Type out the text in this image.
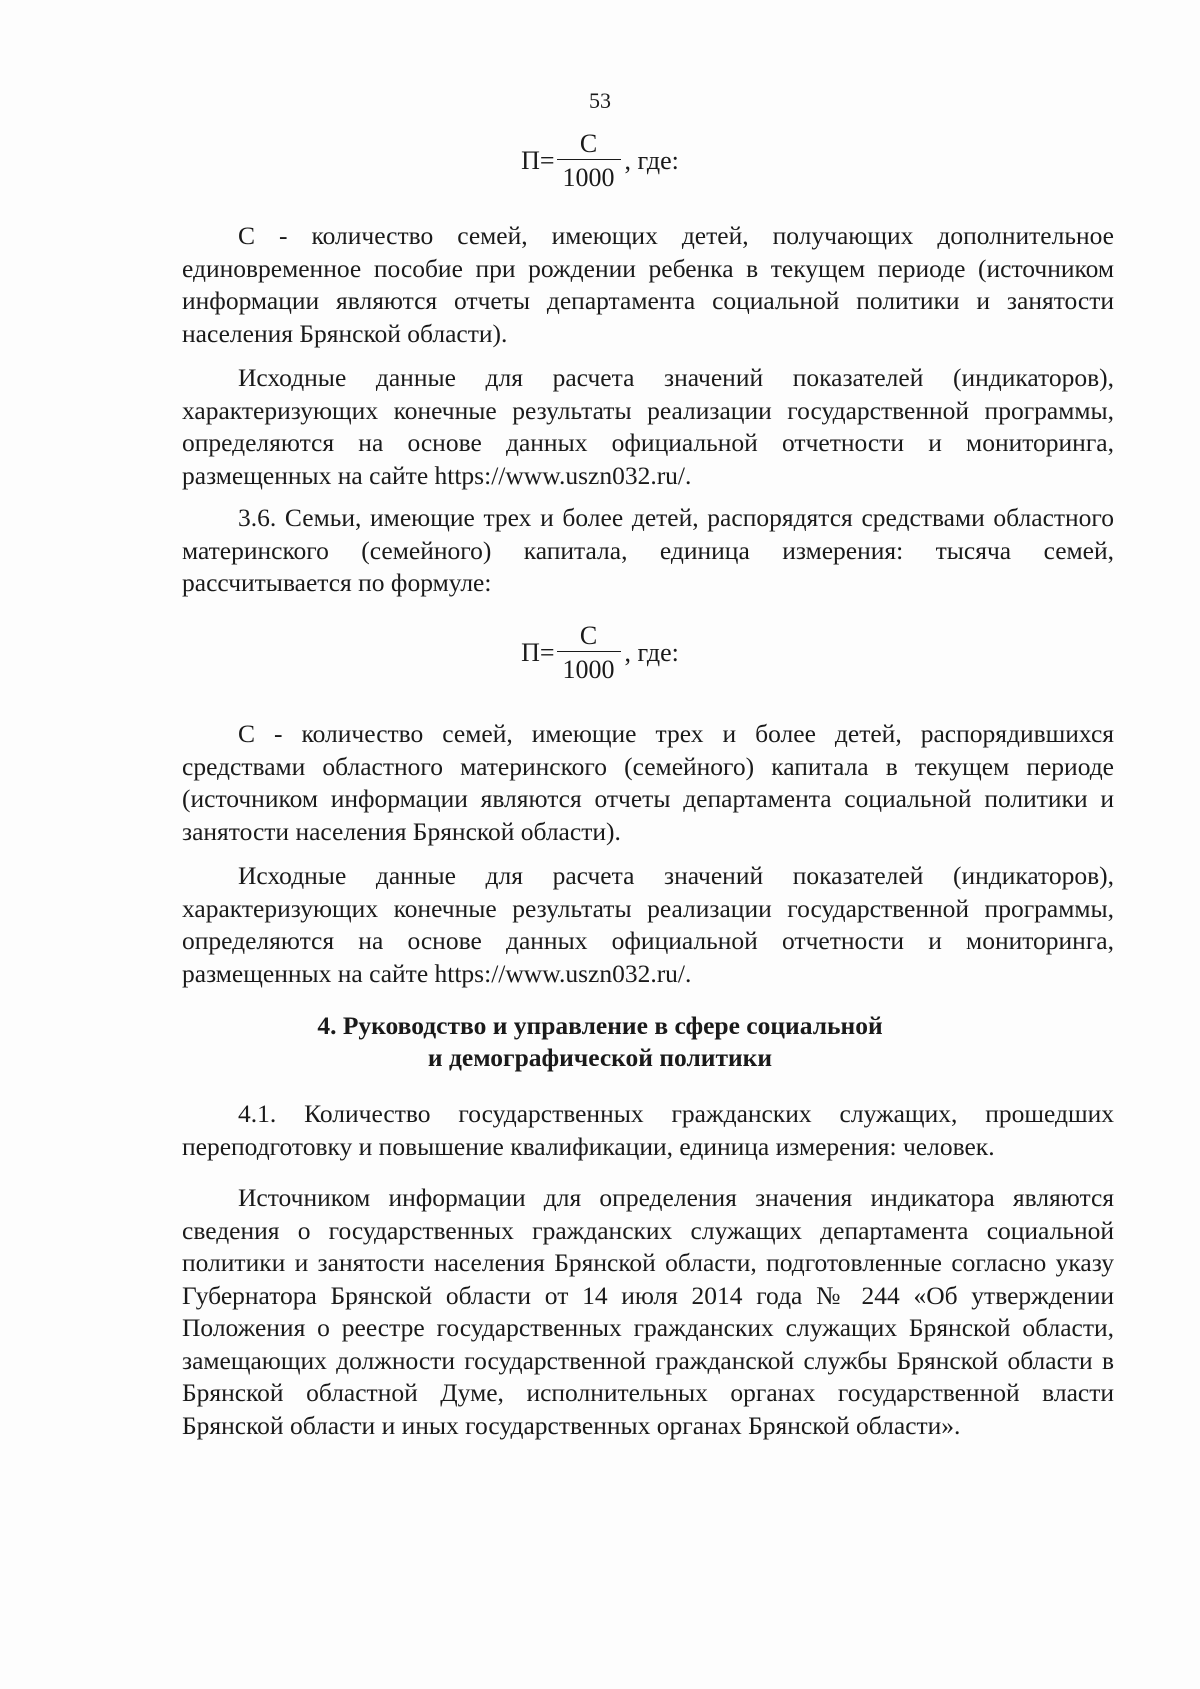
53
$П= \frac{С}{1000}$ , где:

С - количество семей, имеющих детей, получающих дополнительное единовременное пособие при рождении ребенка в текущем периоде (источником информации являются отчеты департамента социальной политики и занятости населения Брянской области).

Исходные данные для расчета значений показателей (индикаторов), характеризующих конечные результаты реализации государственной программы, определяются на основе данных официальной отчетности и мониторинга, размещенных на сайте https://www.uszn032.ru/.

3.6. Семьи, имеющие трех и более детей, распорядятся средствами областного материнского (семейного) капитала, единица измерения: тысяча семей, рассчитывается по формуле:

$П= \frac{С}{1000}$ , где:

С - количество семей, имеющие трех и более детей, распорядившихся средствами областного материнского (семейного) капитала в текущем периоде (источником информации являются отчеты департамента социальной политики и занятости населения Брянской области).

Исходные данные для расчета значений показателей (индикаторов), характеризующих конечные результаты реализации государственной программы, определяются на основе данных официальной отчетности и мониторинга, размещенных на сайте https://www.uszn032.ru/.

4. Руководство и управление в сфере социальной
и демографической политики

4.1. Количество государственных гражданских служащих, прошедших переподготовку и повышение квалификации, единица измерения: человек.

Источником информации для определения значения индикатора являются сведения о государственных гражданских служащих департамента социальной политики и занятости населения Брянской области, подготовленные согласно указу Губернатора Брянской области от 14 июля 2014 года № 244 «Об утверждении Положения о реестре государственных гражданских служащих Брянской области, замещающих должности государственной гражданской службы Брянской области в Брянской областной Думе, исполнительных органах государственной власти Брянской области и иных государственных органах Брянской области».
